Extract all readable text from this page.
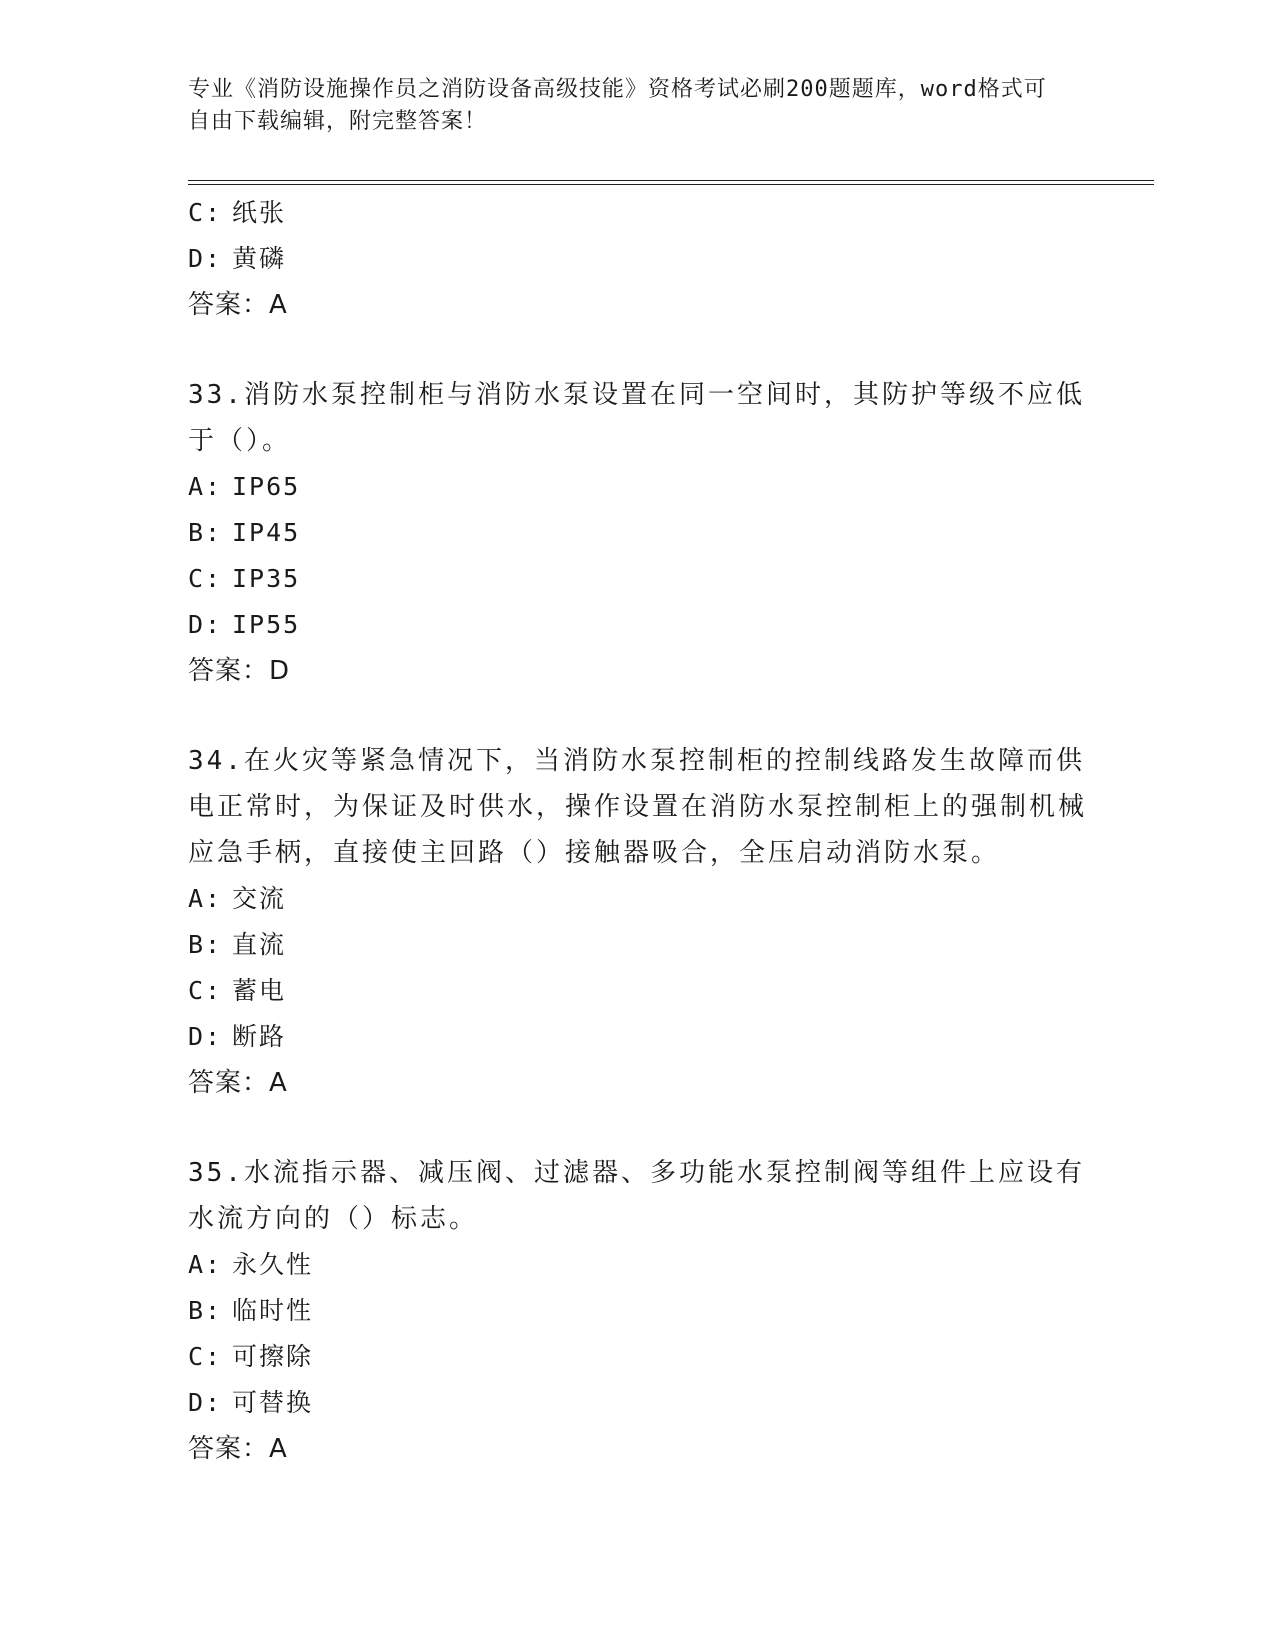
专业《消防设施操作员之消防设备高级技能》资格考试必刷200题题库，word格式可自由下载编辑，附完整答案！
C: 纸张
D: 黄磷
答案：A
33.消防水泵控制柜与消防水泵设置在同一空间时，其防护等级不应低于（）。
A: IP65
B: IP45
C: IP35
D: IP55
答案：D
34.在火灾等紧急情况下，当消防水泵控制柜的控制线路发生故障而供电正常时，为保证及时供水，操作设置在消防水泵控制柜上的强制机械应急手柄，直接使主回路（）接触器吸合，全压启动消防水泵。
A: 交流
B: 直流
C: 蓄电
D: 断路
答案：A
35.水流指示器、减压阀、过滤器、多功能水泵控制阀等组件上应设有水流方向的（）标志。
A: 永久性
B: 临时性
C: 可擦除
D: 可替换
答案：A
